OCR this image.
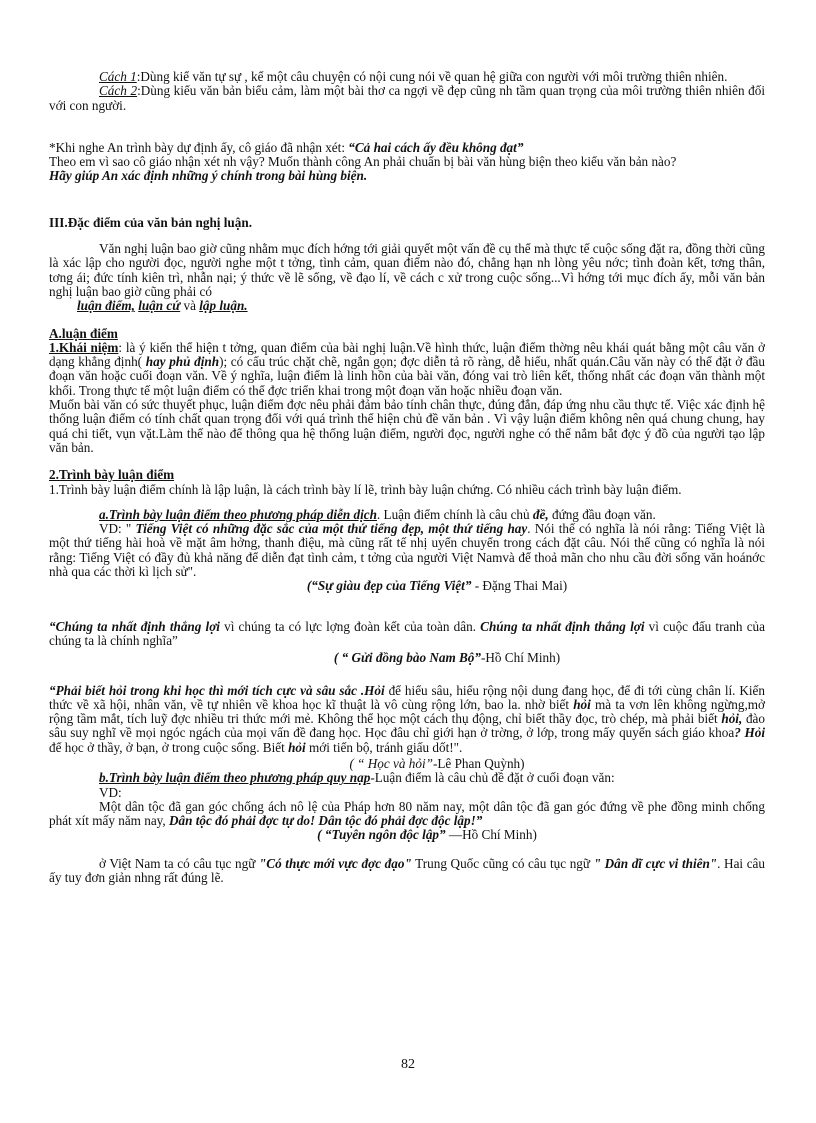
Cách 1:Dùng kiể văn tự sự , kể một câu chuyện có nội cung nói về quan hệ giữa con người với môi trường thiên nhiên.

Cách 2:Dùng kiểu văn bản biểu cảm, làm một bài thơ ca ngợi về đẹp cũng nh tầm quan trọng của môi trường thiên nhiên đối với con người.

*Khi nghe An trình bày dự định ấy, cô giáo đã nhận xét: “Cả hai cách ấy đều không đạt”

Theo em vì sao cô giáo nhận xét nh vậy? Muốn thành công An phải chuẩn bị bài văn hùng biện theo kiểu văn bản nào?

Hãy giúp An xác định những ý chính trong bài hùng biện.

III.Đặc điểm của văn bản nghị luận.

Văn nghị luận bao giờ cũng nhằm mục đích hớng tới giải quyết một vấn đề cụ thể mà thực tế cuộc sống đặt ra, đồng thời cũng là xác lập cho người đọc, người nghe một t tởng, tình cảm, quan điểm nào đó, chẳng hạn nh lòng yêu nớc; tình đoàn kết, tơng thân, tơng ái; đức tính kiên trì, nhẫn nại; ý thức về lẽ sống, về đạo lí, về cách c xử trong cuộc sống...Vì hớng tới mục đích ấy, mỗi văn bản nghị luận bao giờ cũng phải có

luận điểm, luận cứ và lập luận.

A.luận điểm

1.Khái niệm: là ý kiến thể hiện t tởng, quan điểm của bài nghị luận.Về hình thức, luận điểm thờng nêu khái quát bằng một câu văn ở dạng khẳng định( hay phủ định); có cấu trúc chặt chẽ, ngắn gọn; đợc diễn tả rõ ràng, dễ hiểu, nhất quán.Câu văn này có thể đặt ở đầu đoạn văn hoặc cuối đoạn văn. Về ý nghĩa, luận điểm là linh hồn của bài văn, đóng vai trò liên kết, thống nhất các đoạn văn thành một khối. Trong thực tế một luận điểm có thể đợc triển khai trong một đoạn văn hoặc nhiều đoạn văn.

Muốn bài văn có sức thuyết phục, luận điểm đợc nêu phải đảm bảo tính chân thực, đúng đắn, đáp ứng nhu cầu thực tế. Việc xác định hệ thống luận điểm có tính chất quan trọng đối với quá trình thể hiện chủ đề văn bản . Vì vậy luận điểm không nên quá chung chung, hay quá chi tiết, vụn vặt.Làm thế nào để thông qua hệ thống luận điểm, người đọc, người nghe có thể nắm bắt đợc ý đồ của người tạo lập văn bản.

2.Trình bày luận điểm

1.Trình bày luận điểm chính là lập luận, là cách trình bày lí lẽ, trình bày luận chứng. Có nhiều cách trình bày luận điểm.

a.Trình bày luận điểm theo phương pháp diễn dịch. Luận điểm chính là câu chủ đề, đứng đầu đoạn văn.

VD: " Tiếng Việt có những đặc sắc của một thứ tiếng đẹp, một thứ tiếng hay. Nói thế có nghĩa là nói rằng: Tiếng Việt là một thứ tiếng hài hoà về mặt âm hởng, thanh điệu, mà cũng rất tế nhị uyển chuyển trong cách đặt câu. Nói thế cũng có nghĩa là nói rằng: Tiếng Việt có đầy đủ khả năng để diễn đạt tình cảm, t tởng của người Việt Namvà để thoả mãn cho nhu cầu đời sống văn hoánớc nhà qua các thời kì lịch sử".

(“Sự giàu đẹp của Tiếng Việt” - Đặng Thai Mai)

“Chúng ta nhất định thắng lợi vì chúng ta có lực lợng đoàn kết của toàn dân. Chúng ta nhất định thắng lợi vì cuộc đấu tranh của chúng ta là chính nghĩa”

( “ Gửi đồng bào Nam Bộ”-Hồ Chí Minh)

“Phải biết hỏi trong khi học thì mới tích cực và sâu sắc .Hỏi để hiểu sâu, hiểu rộng nội dung đang học, để đi tới cùng chân lí. Kiến thức về xã hội, nhân văn, về tự nhiên về khoa học kĩ thuật là vô cùng rộng lớn, bao la. nhờ biết hỏi mà ta vơn lên không ngừng,mở rộng tầm mắt, tích luỹ đợc nhiều tri thức mới mẻ. Không thể học một cách thụ động, chỉ biết thầy đọc, trò chép, mà phải biết hỏi, đào sâu suy nghĩ về mọi ngóc ngách của mọi vấn đề đang học. Học đâu chỉ giới hạn ở trờng, ở lớp, trong mấy quyển sách giáo khoa? Hỏi để học ở thầy, ở bạn, ở trong cuộc sống. Biết hỏi mới tiến bộ, tránh giấu dốt!".

( “ Học và hỏi”-Lê Phan Quỳnh)

b.Trình bày luận điểm theo phương pháp quy nạp-Luận điểm là câu chủ đề đặt ở cuối đoạn văn:

VD:

Một dân tộc đã gan góc chống ách nô lệ của Pháp hơn 80 năm nay, một dân tộc đã gan góc đứng về phe đồng minh chống phát xít mấy năm nay, Dân tộc đó phải đợc tự do! Dân tộc đó phải đợc độc lập!”

( “Tuyên ngôn độc lập” —Hồ Chí Minh)

ở Việt Nam ta có câu tục ngữ "Có thực mới vực đợc đạo" Trung Quốc cũng có câu tục ngữ " Dân dĩ cực vi thiên". Hai câu ấy tuy đơn giản nhng rất đúng lẽ.

82
